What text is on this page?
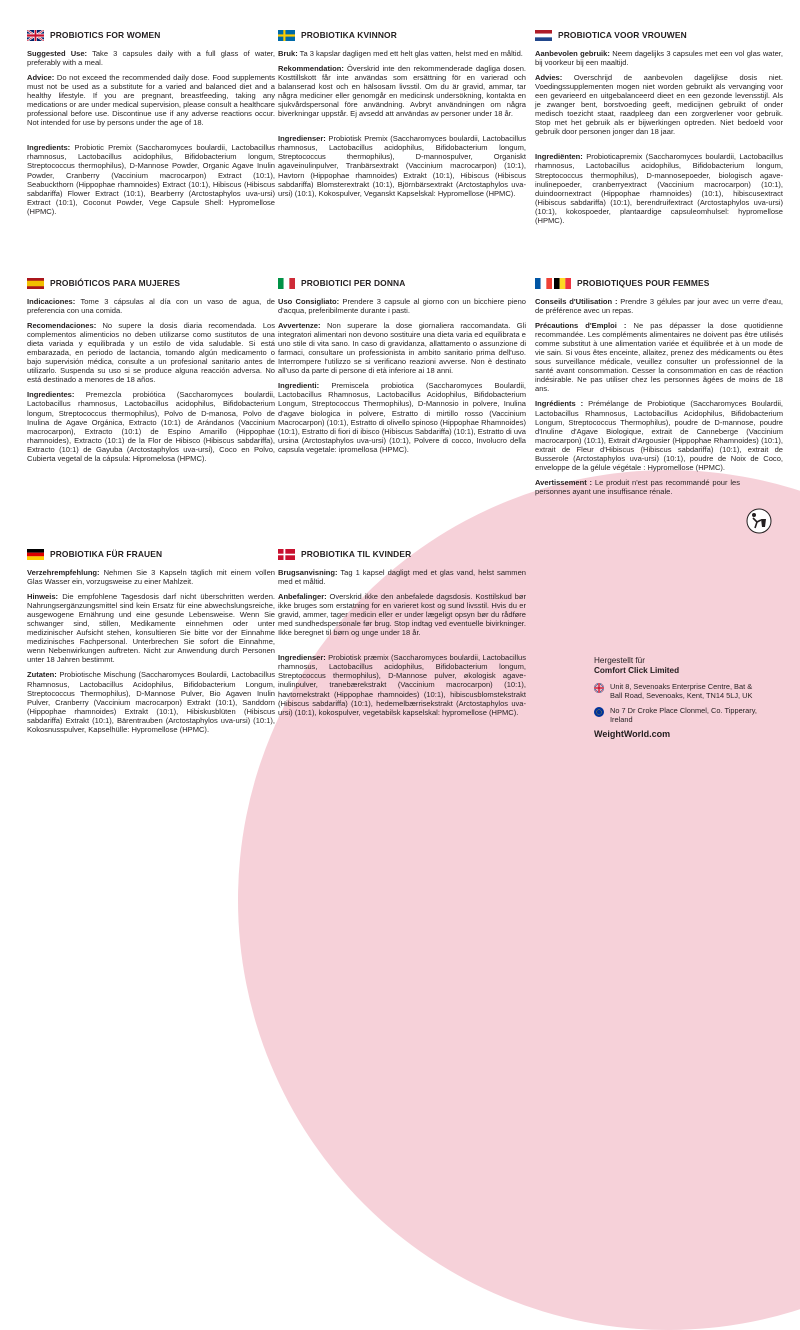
PROBIOTICS FOR WOMEN

Suggested Use: Take 3 capsules daily with a full glass of water, preferably with a meal.

Advice: Do not exceed the recommended daily dose. Food supplements must not be used as a substitute for a varied and balanced diet and a healthy lifestyle. If you are pregnant, breastfeeding, taking any medications or are under medical supervision, please consult a healthcare professional before use. Discontinue use if any adverse reactions occur. Not intended for use by persons under the age of 18.

Ingredients: Probiotic Premix (Saccharomyces boulardii, Lactobacillus rhamnosus, Lactobacillus acidophilus, Bifidobacterium longum, Streptococcus thermophilus), D-Mannose Powder, Organic Agave Inulin Powder, Cranberry (Vaccinium macrocarpon) Extract (10:1), Seabuckthorn (Hippophae rhamnoides) Extract (10:1), Hibiscus (Hibiscus sabdariffa) Flower Extract (10:1), Bearberry (Arctostaphylos uva-ursi) Extract (10:1), Coconut Powder, Vege Capsule Shell: Hypromellose (HPMC).

PROBIOTIKA KVINNOR

Bruk: Ta 3 kapslar dagligen med ett helt glas vatten, helst med en måltid.

Rekommendation: Överskrid inte den rekommenderade dagliga dosen. Kosttillskott får inte användas som ersättning för en varierad och balanserad kost och en hälsosam livsstil. Om du är gravid, ammar, tar några mediciner eller genomgår en medicinsk undersökning, kontakta en sjukvårdspersonal före användning. Avbryt användningen om några biverkningar uppstår. Ej avsedd att användas av personer under 18 år.

Ingredienser: Probiotisk Premix (Saccharomyces boulardii, Lactobacillus rhamnosus, Lactobacillus acidophilus, Bifidobacterium longum, Streptococcus thermophilus), D-mannospulver, Organiskt agaveinulinpulver, Tranbärsextrakt (Vaccinium macrocarpon) (10:1), Havtorn (Hippophae rhamnoides) Extrakt (10:1), Hibiscus (Hibiscus sabdariffa) Blomsterextrakt (10:1), Björnbärsextrakt (Arctostaphylos uva-ursi) (10:1), Kokospulver, Veganskt Kapselskal: Hypromellose (HPMC).

PROBIOTICA VOOR VROUWEN

Aanbevolen gebruik: Neem dagelijks 3 capsules met een vol glas water, bij voorkeur bij een maaltijd.

Advies: Overschrijd de aanbevolen dagelijkse dosis niet. Voedingssupplementen mogen niet worden gebruikt als vervanging voor een gevarieerd en uitgebalanceerd dieet en een gezonde levensstijl. Als je zwanger bent, borstvoeding geeft, medicijnen gebruikt of onder medisch toezicht staat, raadpleeg dan een zorgverlener voor gebruik. Stop met het gebruik als er bijwerkingen optreden. Niet bedoeld voor gebruik door personen jonger dan 18 jaar.

Ingrediënten: Probioticapremix (Saccharomyces boulardii, Lactobacillus rhamnosus, Lactobacillus acidophilus, Bifidobacterium longum, Streptococcus thermophilus), D-mannosepoeder, biologisch agave-inulinepoeder, cranberryextract (Vaccinium macrocarpon) (10:1), duindoornextract (Hippophae rhamnoides) (10:1), hibiscusextract (Hibiscus sabdariffa) (10:1), berendruifextract (Arctostaphylos uva-ursi) (10:1), kokospoeder, plantaardige capsuleomhulsel: hypromellose (HPMC).

PROBIÓTICOS PARA MUJERES

Indicaciones: Tome 3 cápsulas al día con un vaso de agua, de preferencia con una comida.

Recomendaciones: No supere la dosis diaria recomendada. Los complementos alimenticios no deben utilizarse como sustitutos de una dieta variada y equilibrada y un estilo de vida saludable. Si está embarazada, en periodo de lactancia, tomando algún medicamento o bajo supervisión médica, consulte a un profesional sanitario antes de utilizarlo. Suspenda su uso si se produce alguna reacción adversa. No está destinado a menores de 18 años.

Ingredientes: Premezcla probiótica (Saccharomyces boulardii, Lactobacillus rhamnosus, Lactobacillus acidophilus, Bifidobacterium longum, Streptococcus thermophilus), Polvo de D-manosa, Polvo de Inulina de Agave Orgánica, Extracto (10:1) de Arándanos (Vaccinium macrocarpon), Extracto (10:1) de Espino Amarillo (Hippophae rhamnoides), Extracto (10:1) de la Flor de Hibisco (Hibiscus sabdariffa), Extracto (10:1) de Gayuba (Arctostaphylos uva-ursi), Coco en Polvo, Cubierta vegetal de la cápsula: Hipromelosa (HPMC).

PROBIOTICI PER DONNA

Uso Consigliato: Prendere 3 capsule al giorno con un bicchiere pieno d'acqua, preferibilmente durante i pasti.

Avvertenze: Non superare la dose giornaliera raccomandata. Gli integratori alimentari non devono sostituire una dieta varia ed equilibrata e uno stile di vita sano. In caso di gravidanza, allattamento o assunzione di farmaci, consultare un professionista in ambito sanitario prima dell'uso. Interrompere l'utilizzo se si verificano reazioni avverse. Non è destinato all'uso da parte di persone di età inferiore ai 18 anni.

Ingredienti: Premiscela probiotica (Saccharomyces Boulardii, Lactobacillus Rhamnosus, Lactobacillus Acidophilus, Bifidobacterium Longum, Streptococcus Thermophilus), D-Mannosio in polvere, Inulina d'agave biologica in polvere, Estratto di mirtillo rosso (Vaccinium Macrocarpon) (10:1), Estratto di olivello spinoso (Hippophae Rhamnoides) (10:1), Estratto di fiori di ibisco (Hibiscus Sabdariffa) (10:1), Estratto di uva ursina (Arctostaphylos uva-ursi) (10:1), Polvere di cocco, Involucro della capsula vegetale: ipromellosa (HPMC).

PROBIOTIQUES POUR FEMMES

Conseils d'Utilisation : Prendre 3 gélules par jour avec un verre d'eau, de préférence avec un repas.

Précautions d'Emploi : Ne pas dépasser la dose quotidienne recommandée. Les compléments alimentaires ne doivent pas être utilisés comme substitut à une alimentation variée et équilibrée et à un mode de vie sain. Si vous êtes enceinte, allaitez, prenez des médicaments ou êtes sous surveillance médicale, veuillez consulter un professionnel de la santé avant consommation. Cesser la consommation en cas de réaction indésirable. Ne pas utiliser chez les personnes âgées de moins de 18 ans.

Ingrédients : Prémélange de Probiotique (Saccharomyces Boulardii, Lactobacillus Rhamnosus, Lactobacillus Acidophilus, Bifidobacterium Longum, Streptococcus Thermophilus), poudre de D-mannose, poudre d'Inuline d'Agave Biologique, extrait de Canneberge (Vaccinium macrocarpon) (10:1), Extrait d'Argousier (Hippophae Rhamnoides) (10:1), extrait de Fleur d'Hibiscus (Hibiscus sabdariffa) (10:1), extrait de Busserole (Arctostaphylos uva-ursi) (10:1), poudre de Noix de Coco, enveloppe de la gélule végétale : Hypromellose (HPMC).

Avertissement : Le produit n'est pas recommandé pour les personnes ayant une insuffisance rénale.

PROBIOTIKA FÜR FRAUEN

Verzehrempfehlung: Nehmen Sie 3 Kapseln täglich mit einem vollen Glas Wasser ein, vorzugsweise zu einer Mahlzeit.

Hinweis: Die empfohlene Tagesdosis darf nicht überschritten werden. Nahrungsergänzungsmittel sind kein Ersatz für eine abwechslungsreiche, ausgewogene Ernährung und eine gesunde Lebensweise. Wenn Sie schwanger sind, stillen, Medikamente einnehmen oder unter medizinischer Aufsicht stehen, konsultieren Sie bitte vor der Einnahme medizinisches Fachpersonal. Unterbrechen Sie sofort die Einnahme, wenn Nebenwirkungen auftreten. Nicht zur Anwendung durch Personen unter 18 Jahren bestimmt.

Zutaten: Probiotische Mischung (Saccharomyces Boulardii, Lactobacillus Rhamnosus, Lactobacillus Acidophilus, Bifidobacterium Longum, Streptococcus Thermophilus), D-Mannose Pulver, Bio Agaven Inulin Pulver, Cranberry (Vaccinium macrocarpon) Extrakt (10:1), Sanddorn (Hippophae rhamnoides) Extrakt (10:1), Hibiskusblüten (Hibiscus sabdariffa) Extrakt (10:1), Bärentrauben (Arctostaphylos uva-ursi) (10:1), Kokosnusspulver, Kapselhülle: Hypromellose (HPMC).

PROBIOTIKA TIL KVINDER

Brugsanvisning: Tag 1 kapsel dagligt med et glas vand, helst sammen med et måltid.

Anbefalinger: Overskrid ikke den anbefalede dagsdosis. Kosttilskud bør ikke bruges som erstatning for en varieret kost og sund livsstil. Hvis du er gravid, ammer, tager medicin eller er under lægeligt opsyn bør du rådføre med sundhedspersonale før brug. Stop indtag ved eventuelle bivirkninger. Ikke beregnet til børn og unge under 18 år.

Ingredienser: Probiotisk præmix (Saccharomyces boulardii, Lactobacillus rhamnosus, Lactobacillus acidophilus, Bifidobacterium longum, Streptococcus thermophilus), D-Mannose pulver, økologisk agave-inulinpulver, tranebærekstrakt (Vaccinium macrocarpon) (10:1), havtornekstrakt (Hippophae rhamnoides) (10:1), hibiscusblomstekstrakt (Hibiscus sabdariffa) (10:1), hedemelbærrisekstrakt (Arctostaphylos uva-ursi) (10:1), kokospulver, vegetabilsk kapselskal: hypromellose (HPMC).

Hergestellt für
Comfort Click Limited
Unit 8, Sevenoaks Enterprise Centre, Bat & Ball Road, Sevenoaks, Kent, TN14 5LJ, UK
No 7 Dr Croke Place Clonmel, Co. Tipperary, Ireland
WeightWorld.com
